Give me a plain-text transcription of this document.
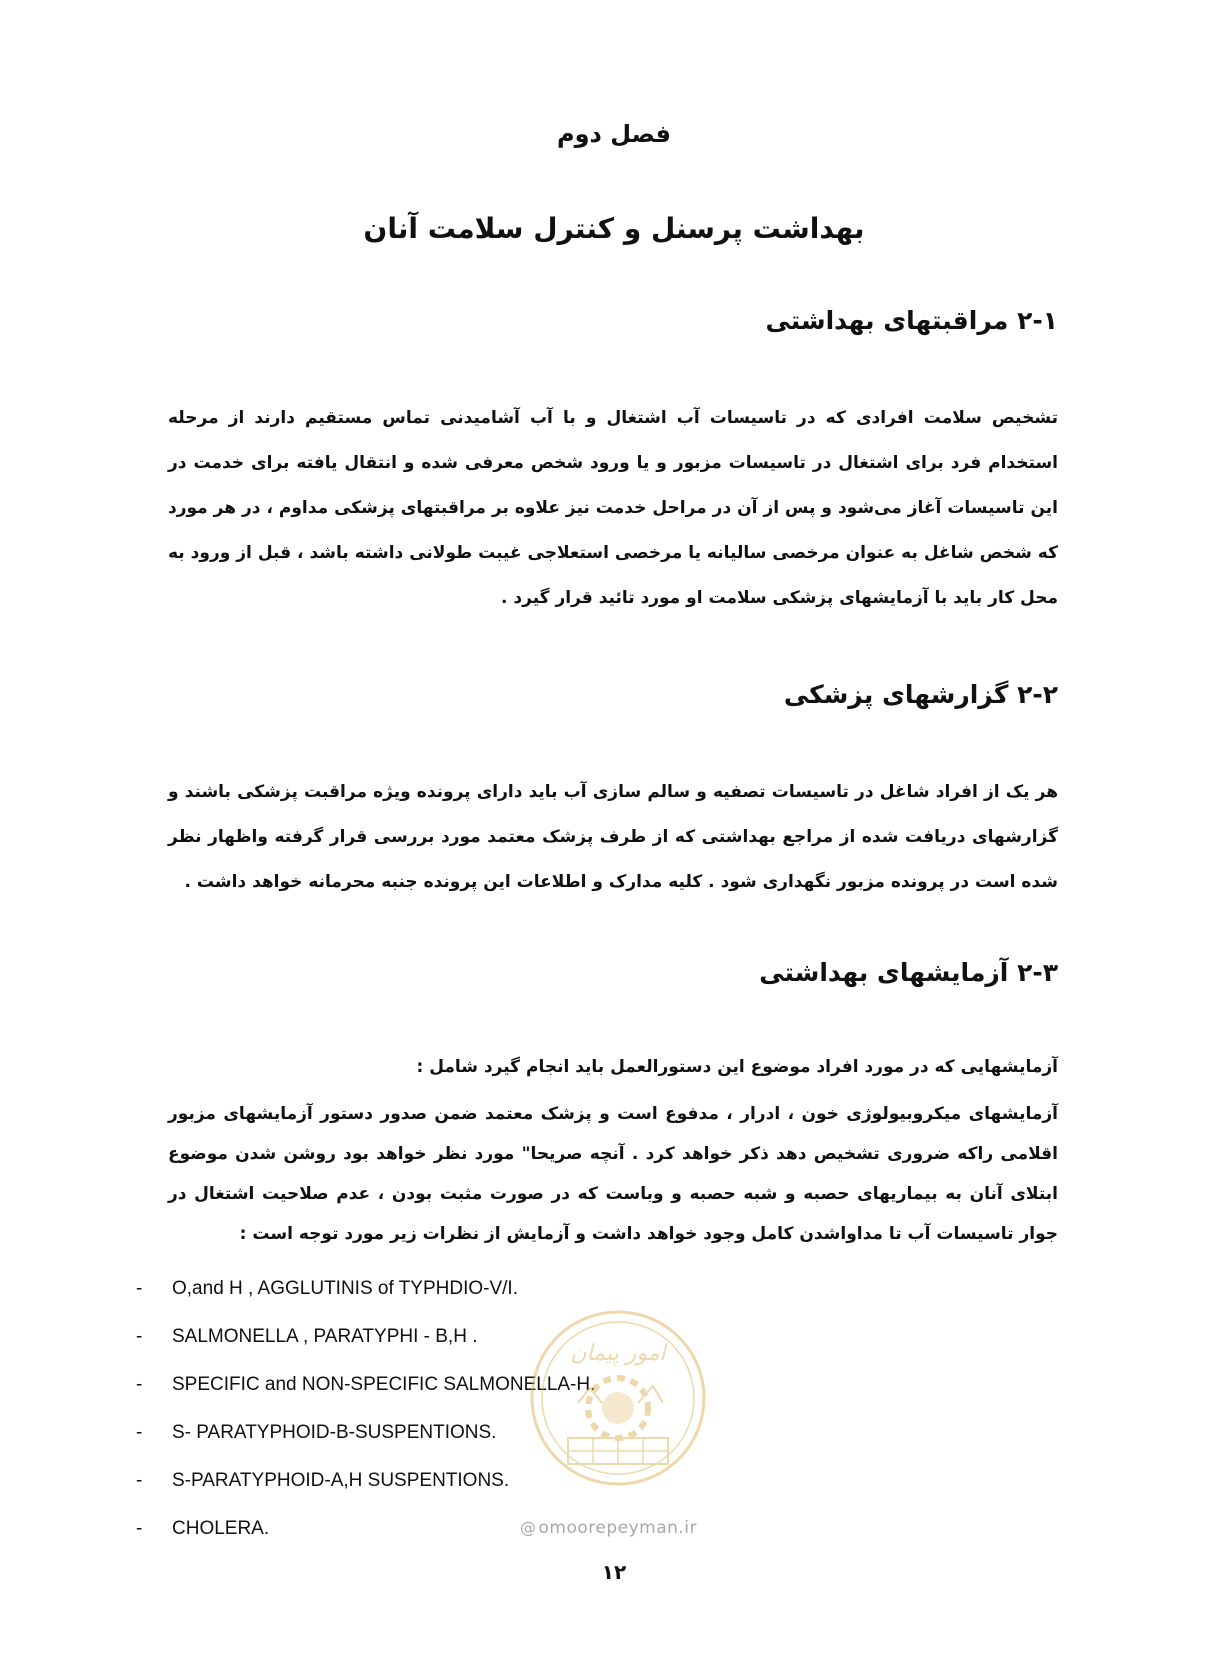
فصل دوم
بهداشت پرسنل و کنترل سلامت آنان
۲-۱ مراقبتهای بهداشتی
تشخیص سلامت افرادی که در تاسیسات آب اشتغال و با آب آشامیدنی تماس مستقیم دارند از مرحله استخدام فرد برای اشتغال در تاسیسات مزبور و یا ورود شخص معرفی شده و انتقال یافته برای خدمت در این تاسیسات آغاز می‌شود و پس از آن در مراحل خدمت نیز علاوه بر مراقبتهای پزشکی مداوم ، در هر مورد که شخص شاغل به عنوان مرخصی سالیانه یا مرخصی استعلاجی غیبت طولانی داشته باشد ، قبل از ورود به محل کار باید با آزمایشهای پزشکی سلامت او مورد تائید قرار گیرد .
۲-۲ گزارشهای پزشکی
هر یک از افراد شاغل در تاسیسات تصفیه و سالم سازی آب باید دارای پرونده ویژه مراقبت پزشکی باشند و گزارشهای دریافت شده از مراجع بهداشتی که از طرف پزشک معتمد مورد بررسی قرار گرفته واظهار نظر شده است در پرونده مزبور نگهداری شود . کلیه مدارک و اطلاعات این پرونده جنبه محرمانه خواهد داشت .
۲-۳ آزمایشهای بهداشتی
آزمایشهایی که در مورد افراد موضوع این دستورالعمل باید انجام گیرد شامل :
آزمایشهای میکروبیولوژی خون ، ادرار ، مدفوع است و پزشک معتمد ضمن صدور دستور آزمایشهای مزبور اقلامی راکه ضروری تشخیص دهد ذکر خواهد کرد . آنچه صریحا" مورد نظر خواهد بود روشن شدن موضوع ابتلای آنان به بیماریهای حصبه و شبه حصبه و وباست که در صورت مثبت بودن ، عدم صلاحیت اشتغال در جوار تاسیسات آب تا مداواشدن کامل وجود خواهد داشت و آزمایش از نظرات زیر مورد توجه است :
-	O,and H , AGGLUTINIS of TYPHDIO-V/I.
-	SALMONELLA , PARATYPHI - B,H .
-	SPECIFIC and NON-SPECIFIC SALMONELLA-H.
-	S- PARATYPHOID-B-SUSPENTIONS.
-	S-PARATYPHOID-A,H SUSPENTIONS.
-	CHOLERA.
امور پیمان
@ omoorepeyman.ir
۱۲
